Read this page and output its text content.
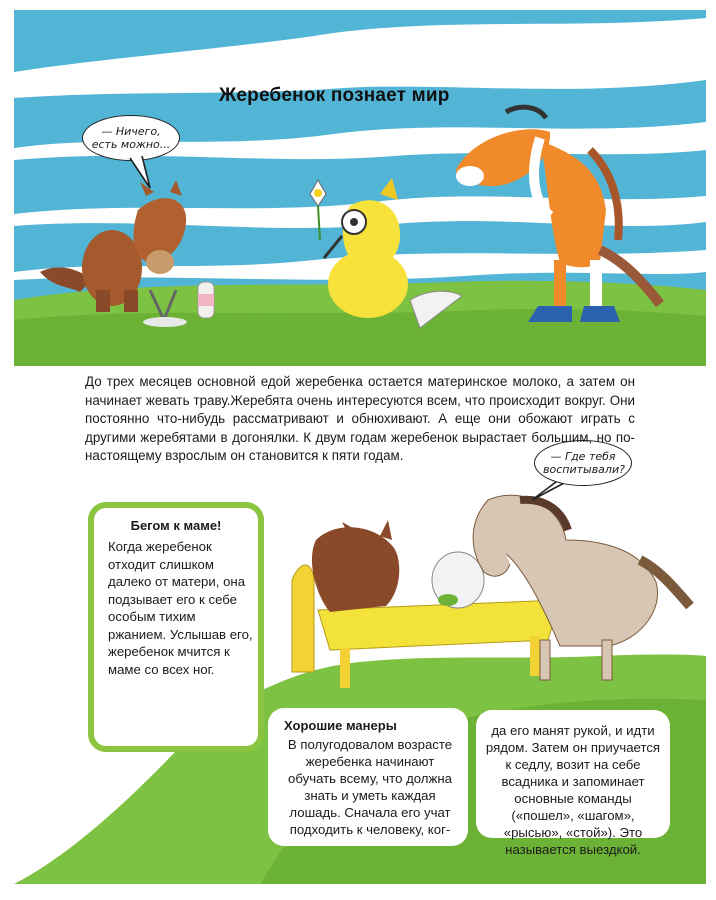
Жеребенок познает мир
— Ничего, есть можно...
— Где тебя воспитывали?

До трех месяцев основной едой жеребенка остается материнское молоко, а затем он начинает жевать траву.Жеребята очень интересуются всем, что происходит вокруг. Они постоянно что-нибудь рассматривают и обнюхивают. А еще они обожают играть с другими жеребятами в догонялки. К двум годам жеребенок вырастает большим, но по-настоящему взрослым он становится к пяти годам.

Бегом к маме!
Когда жеребенок отходит слишком далеко от матери, она подзывает его к себе особым тихим ржанием. Услышав его, жеребенок мчится к маме со всех ног.
Хорошие манеры
В полугодовалом возрасте жеребенка начинают обучать всему, что должна знать и уметь каждая лошадь. Сначала его учат подходить к человеку, ког-
да его манят рукой, и идти рядом. Затем он приучается к седлу, возит на себе всадника и запоминает основные команды («пошел», «шагом», «рысью», «стой»). Это называется выездкой.
